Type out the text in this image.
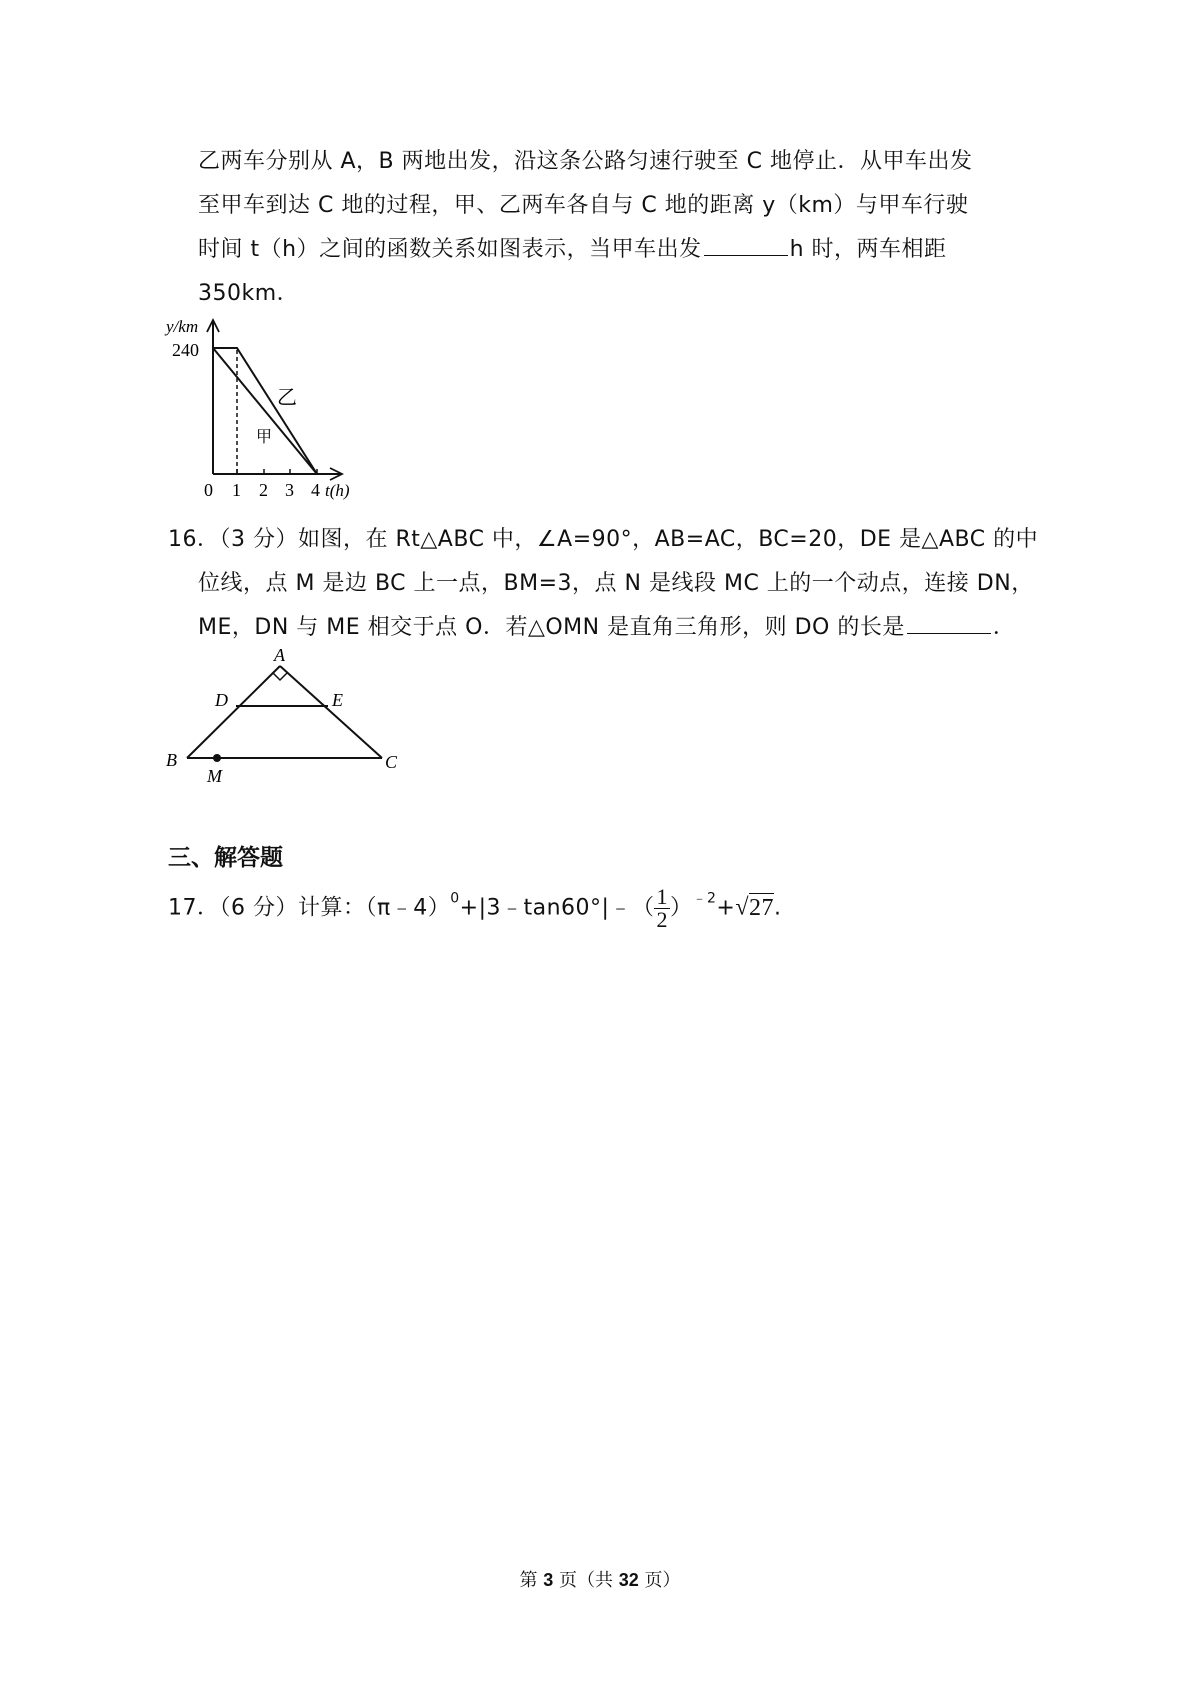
乙两车分别从 A，B 两地出发，沿这条公路匀速行驶至 C 地停止．从甲车出发
至甲车到达 C 地的过程，甲、乙两车各自与 C 地的距离 y（km）与甲车行驶
时间 t（h）之间的函数关系如图表示，当甲车出发	h 时，两车相距
350km．
y/km
240
0 1 2 3 4 t(h)
乙
甲
16．（3 分）如图，在 Rt△ABC 中，∠A=90°，AB=AC，BC=20，DE 是△ABC 的中
位线，点 M 是边 BC 上一点，BM=3，点 N 是线段 MC 上的一个动点，连接 DN，
ME，DN 与 ME 相交于点 O．若△OMN 是直角三角形，则 DO 的长是	．
A
D	E
B	C
M
三、解答题
17．（6 分）计算：（π﹣4）$^0$+|3﹣tan60°|﹣（ $\frac{1}{2} )^{﹣2}+√27$.
第 3 页（共 32 页）
